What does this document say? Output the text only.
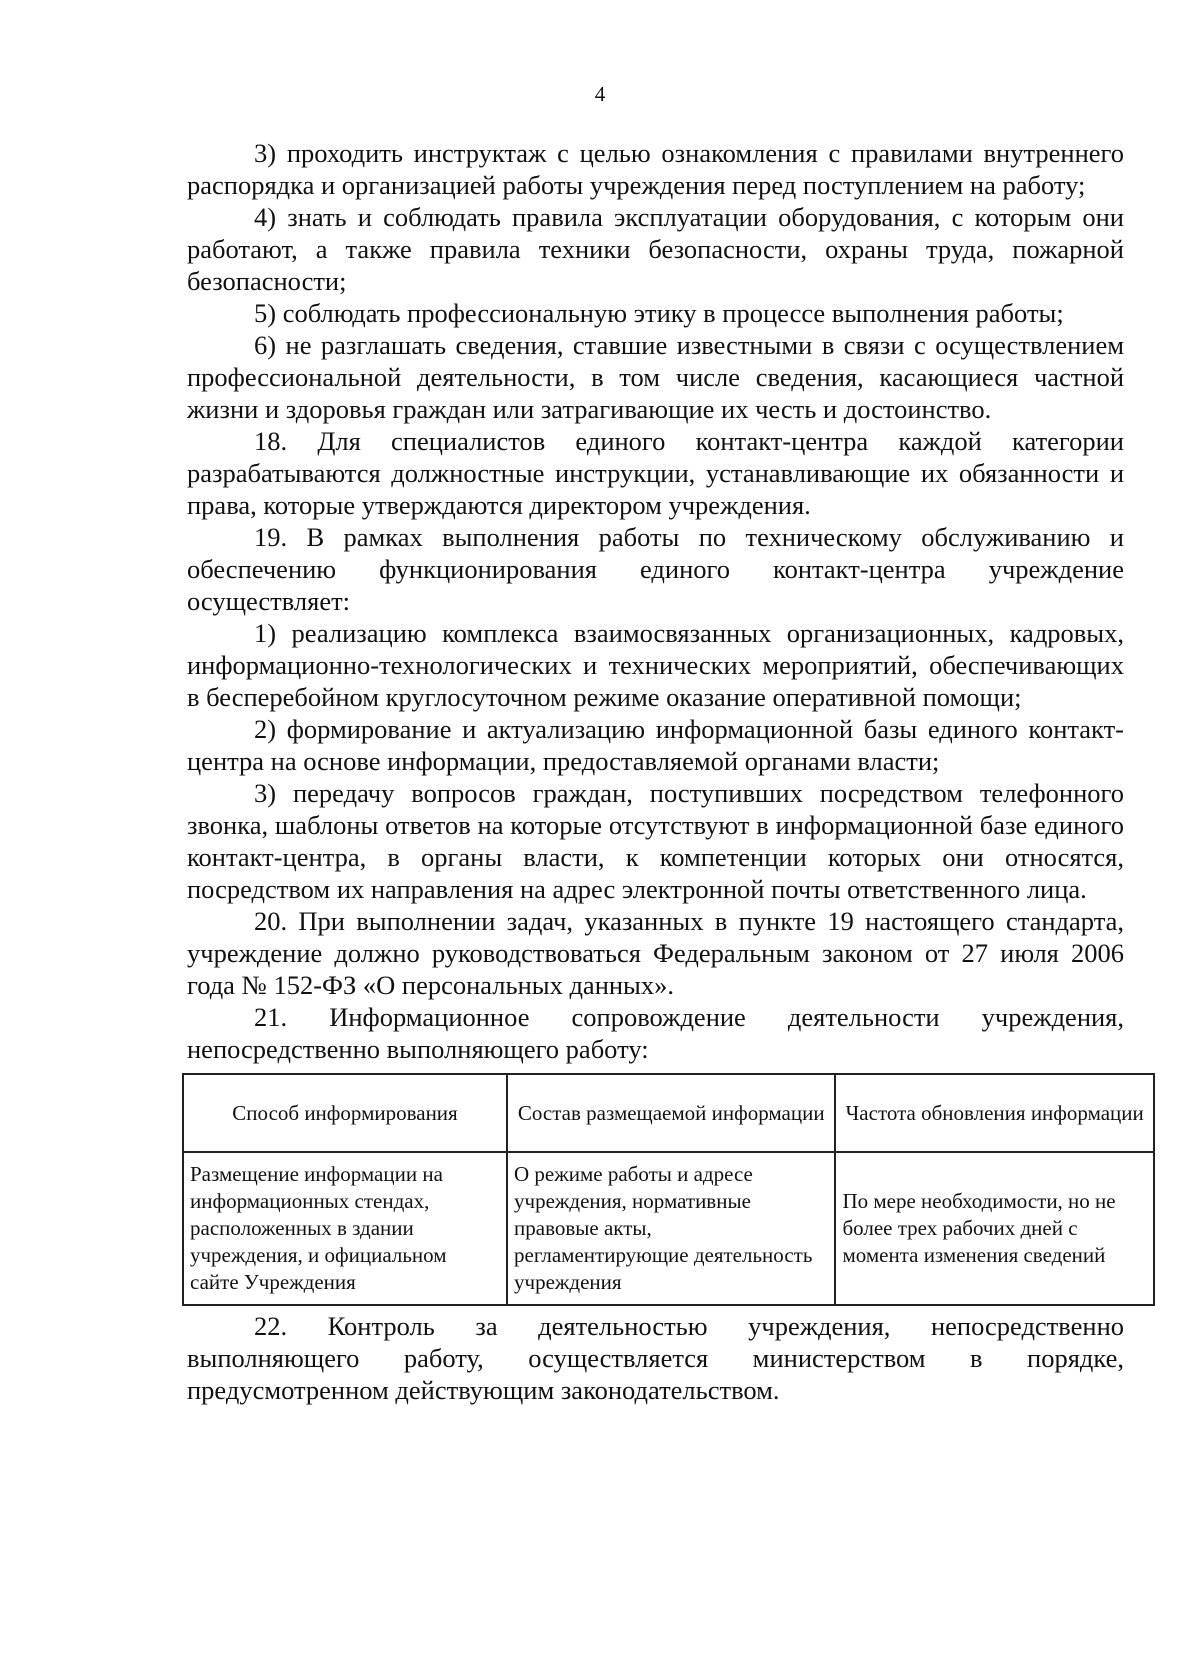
4

3) проходить инструктаж с целью ознакомления с правилами внутреннего распорядка и организацией работы учреждения перед поступлением на работу;

4) знать и соблюдать правила эксплуатации оборудования, с которым они работают, а также правила техники безопасности, охраны труда, пожарной безопасности;

5) соблюдать профессиональную этику в процессе выполнения работы;

6) не разглашать сведения, ставшие известными в связи с осуществлением профессиональной деятельности, в том числе сведения, касающиеся частной жизни и здоровья граждан или затрагивающие их честь и достоинство.

18. Для специалистов единого контакт-центра каждой категории разрабатываются должностные инструкции, устанавливающие их обязанности и права, которые утверждаются директором учреждения.

19. В рамках выполнения работы по техническому обслуживанию и обеспечению функционирования единого контакт-центра учреждение осуществляет:

1) реализацию комплекса взаимосвязанных организационных, кадровых, информационно-технологических и технических мероприятий, обеспечивающих в бесперебойном круглосуточном режиме оказание оперативной помощи;

2) формирование и актуализацию информационной базы единого контакт-центра на основе информации, предоставляемой органами власти;

3) передачу вопросов граждан, поступивших посредством телефонного звонка, шаблоны ответов на которые отсутствуют в информационной базе единого контакт-центра, в органы власти, к компетенции которых они относятся, посредством их направления на адрес электронной почты ответственного лица.

20. При выполнении задач, указанных в пункте 19 настоящего стандарта, учреждение должно руководствоваться Федеральным законом от 27 июля 2006 года № 152-ФЗ «О персональных данных».

21. Информационное сопровождение деятельности учреждения, непосредственно выполняющего работу:

Способ информирования	Состав размещаемой информации	Частота обновления информации
Размещение информации на информационных стендах, расположенных в здании учреждения, и официальном сайте Учреждения	О режиме работы и адресе учреждения, нормативные правовые акты, регламентирующие деятельность учреждения	По мере необходимости, но не более трех рабочих дней с момента изменения сведений

22. Контроль за деятельностью учреждения, непосредственно выполняющего работу, осуществляется министерством в порядке, предусмотренном действующим законодательством.
